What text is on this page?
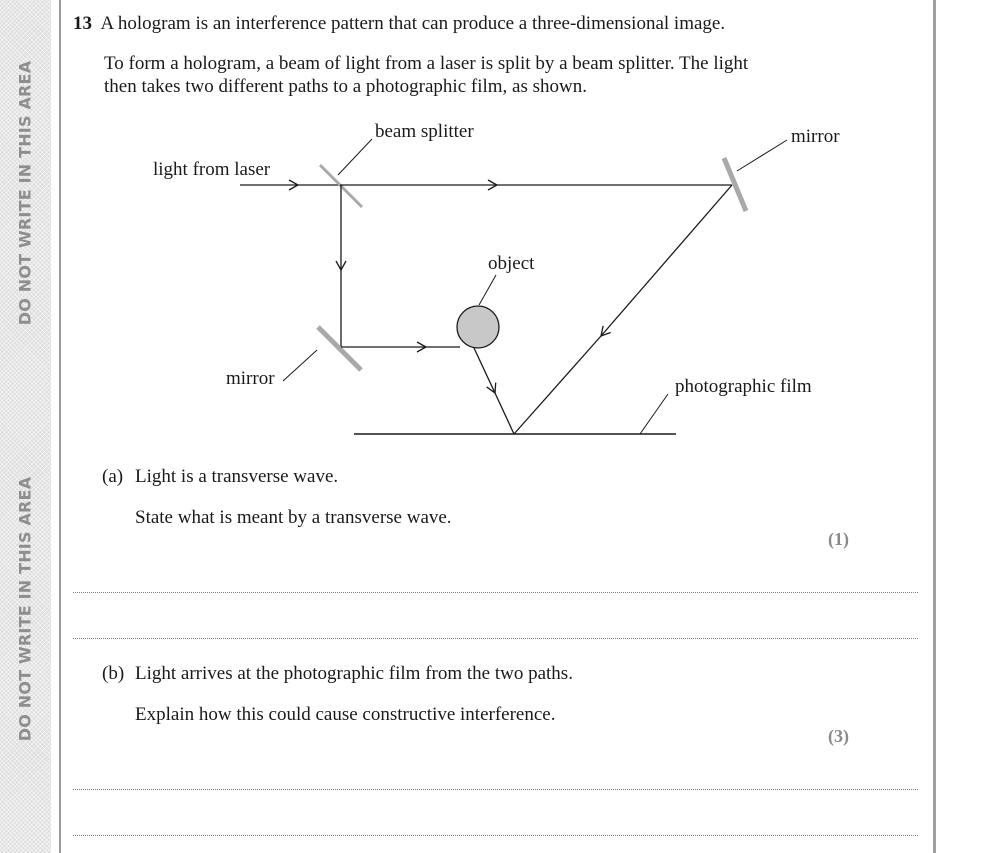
DO NOT WRITE IN THIS AREA
DO NOT WRITE IN THIS AREA
13 A hologram is an interference pattern that can produce a three-dimensional image.
To form a hologram, a beam of light from a laser is split by a beam splitter. The light
then takes two different paths to a photographic film, as shown.
beam splitter	mirror
light from laser
object
mirror	photographic film
(a) Light is a transverse wave.
State what is meant by a transverse wave.
(1)
(b) Light arrives at the photographic film from the two paths.
Explain how this could cause constructive interference.
(3)
